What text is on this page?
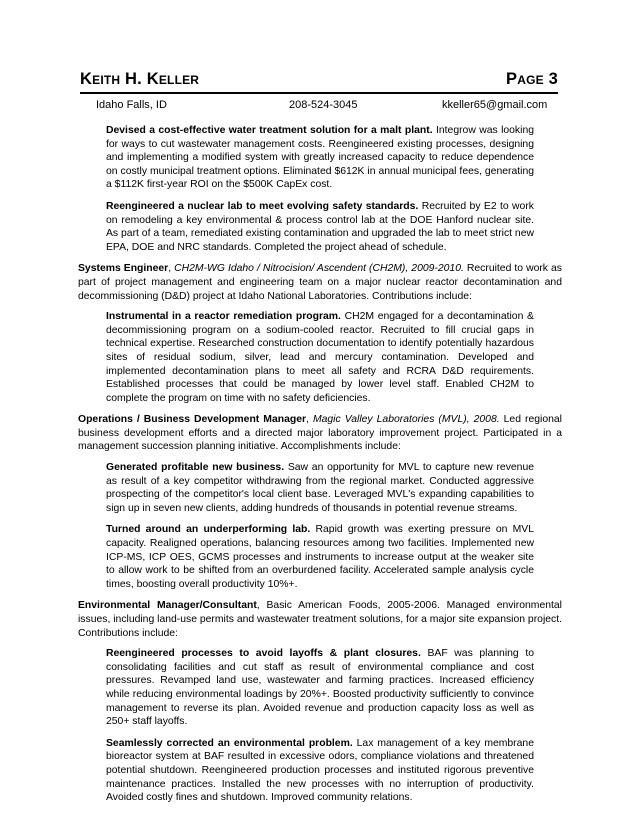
Keith H. Keller	Page 3
Idaho Falls, ID	208-524-3045	kkeller65@gmail.com

Devised a cost-effective water treatment solution for a malt plant. Integrow was looking for ways to cut wastewater management costs. Reengineered existing processes, designing and implementing a modified system with greatly increased capacity to reduce dependence on costly municipal treatment options. Eliminated $612K in annual municipal fees, generating a $112K first-year ROI on the $500K CapEx cost.

Reengineered a nuclear lab to meet evolving safety standards. Recruited by E2 to work on remodeling a key environmental & process control lab at the DOE Hanford nuclear site. As part of a team, remediated existing contamination and upgraded the lab to meet strict new EPA, DOE and NRC standards. Completed the project ahead of schedule.

Systems Engineer, CH2M-WG Idaho / Nitrocision/ Ascendent (CH2M), 2009-2010. Recruited to work as part of project management and engineering team on a major nuclear reactor decontamination and decommissioning (D&D) project at Idaho National Laboratories. Contributions include:

Instrumental in a reactor remediation program. CH2M engaged for a decontamination & decommissioning program on a sodium-cooled reactor. Recruited to fill crucial gaps in technical expertise. Researched construction documentation to identify potentially hazardous sites of residual sodium, silver, lead and mercury contamination. Developed and implemented decontamination plans to meet all safety and RCRA D&D requirements. Established processes that could be managed by lower level staff. Enabled CH2M to complete the program on time with no safety deficiencies.

Operations / Business Development Manager, Magic Valley Laboratories (MVL), 2008. Led regional business development efforts and a directed major laboratory improvement project. Participated in a management succession planning initiative. Accomplishments include:

Generated profitable new business. Saw an opportunity for MVL to capture new revenue as result of a key competitor withdrawing from the regional market. Conducted aggressive prospecting of the competitor's local client base. Leveraged MVL's expanding capabilities to sign up in seven new clients, adding hundreds of thousands in potential revenue streams.

Turned around an underperforming lab. Rapid growth was exerting pressure on MVL capacity. Realigned operations, balancing resources among two facilities. Implemented new ICP-MS, ICP OES, GCMS processes and instruments to increase output at the weaker site to allow work to be shifted from an overburdened facility. Accelerated sample analysis cycle times, boosting overall productivity 10%+.

Environmental Manager/Consultant, Basic American Foods, 2005-2006. Managed environmental issues, including land-use permits and wastewater treatment solutions, for a major site expansion project. Contributions include:

Reengineered processes to avoid layoffs & plant closures. BAF was planning to consolidating facilities and cut staff as result of environmental compliance and cost pressures. Revamped land use, wastewater and farming practices. Increased efficiency while reducing environmental loadings by 20%+. Boosted productivity sufficiently to convince management to reverse its plan. Avoided revenue and production capacity loss as well as 250+ staff layoffs.

Seamlessly corrected an environmental problem. Lax management of a key membrane bioreactor system at BAF resulted in excessive odors, compliance violations and threatened potential shutdown. Reengineered production processes and instituted rigorous preventive maintenance practices. Installed the new processes with no interruption of productivity. Avoided costly fines and shutdown. Improved community relations.
